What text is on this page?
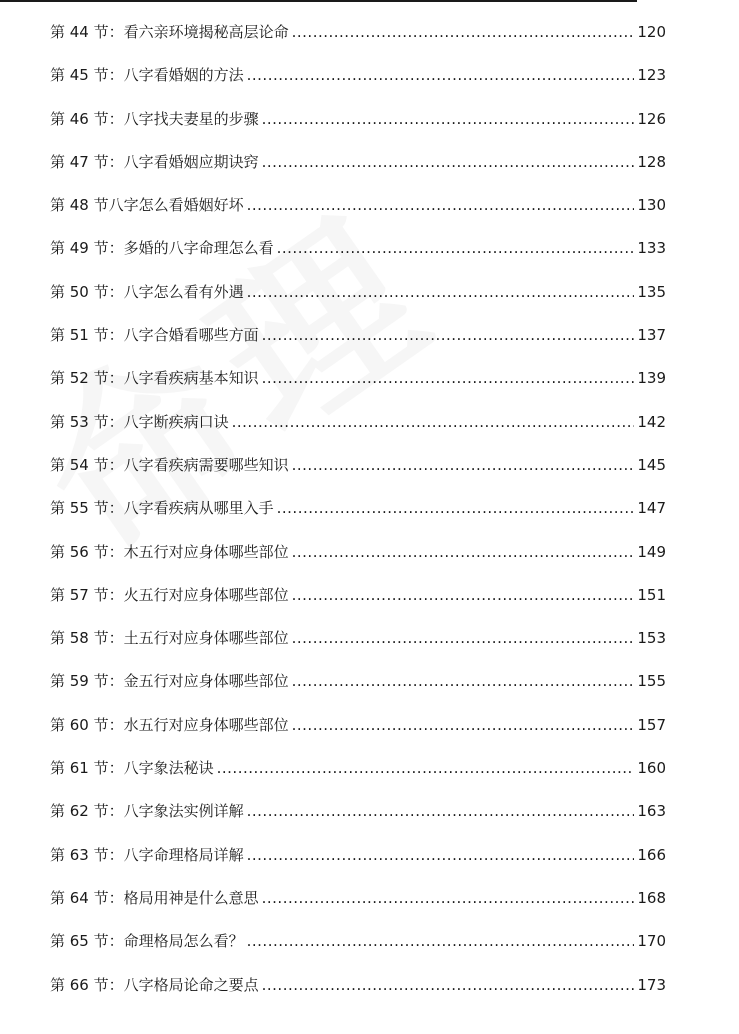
第 44 节：看六亲环境揭秘高层论命 .....	120
第 45 节：八字看婚姻的方法 .....	123
第 46 节：八字找夫妻星的步骤 .....	126
第 47 节：八字看婚姻应期诀窍 .....	128
第 48 节八字怎么看婚姻好坏 .....	130
第 49 节：多婚的八字命理怎么看 .....	133
第 50 节：八字怎么看有外遇 .....	135
第 51 节：八字合婚看哪些方面 .....	137
第 52 节：八字看疾病基本知识 .....	139
第 53 节：八字断疾病口诀 .....	142
第 54 节：八字看疾病需要哪些知识 .....	145
第 55 节：八字看疾病从哪里入手 .....	147
第 56 节：木五行对应身体哪些部位 .....	149
第 57 节：火五行对应身体哪些部位 .....	151
第 58 节：土五行对应身体哪些部位 .....	153
第 59 节：金五行对应身体哪些部位 .....	155
第 60 节：水五行对应身体哪些部位 .....	157
第 61 节：八字象法秘诀 .....	160
第 62 节：八字象法实例详解 .....	163
第 63 节：八字命理格局详解 .....	166
第 64 节：格局用神是什么意思 .....	168
第 65 节：命理格局怎么看？ .....	170
第 66 节：八字格局论命之要点 .....	173
